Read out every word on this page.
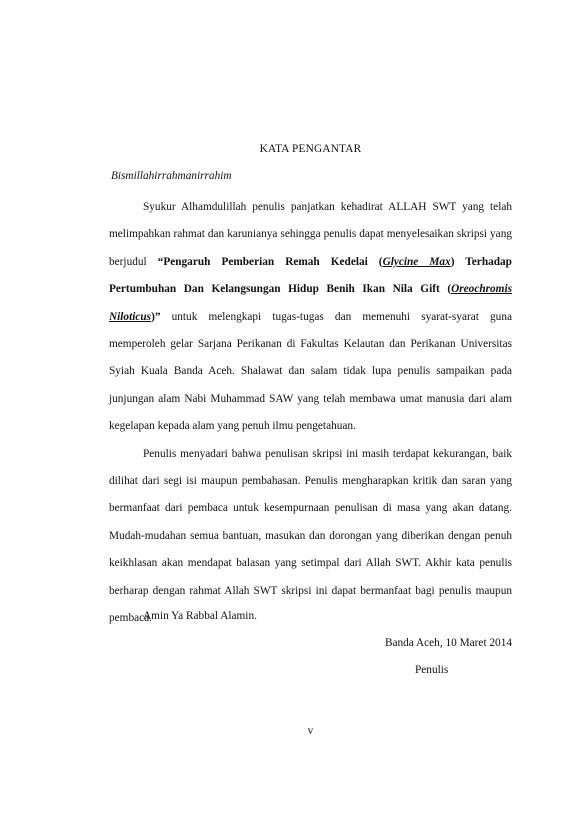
KATA PENGANTAR
Bismillahirrahmanirrahim

Syukur Alhamdulillah penulis panjatkan kehadirat ALLAH SWT yang telah melimpahkan rahmat dan karunianya sehingga penulis dapat menyelesaikan skripsi yang berjudul “Pengaruh Pemberian Remah Kedelai (Glycine Max) Terhadap Pertumbuhan Dan Kelangsungan Hidup Benih Ikan Nila Gift (Oreochromis Niloticus)” untuk melengkapi tugas-tugas dan memenuhi syarat-syarat guna memperoleh gelar Sarjana Perikanan di Fakultas Kelautan dan Perikanan Universitas Syiah Kuala Banda Aceh. Shalawat dan salam tidak lupa penulis sampaikan pada junjungan alam Nabi Muhammad SAW yang telah membawa umat manusia dari alam kegelapan kepada alam yang penuh ilmu pengetahuan.

Penulis menyadari bahwa penulisan skripsi ini masih terdapat kekurangan, baik dilihat dari segi isi maupun pembahasan. Penulis mengharapkan kritik dan saran yang bermanfaat dari pembaca untuk kesempurnaan penulisan di masa yang akan datang. Mudah-mudahan semua bantuan, masukan dan dorongan yang diberikan dengan penuh keikhlasan akan mendapat balasan yang setimpal dari Allah SWT. Akhir kata penulis berharap dengan rahmat Allah SWT skripsi ini dapat bermanfaat bagi penulis maupun pembaca.

Amin Ya Rabbal Alamin.
Banda Aceh, 10 Maret 2014
Penulis
v
